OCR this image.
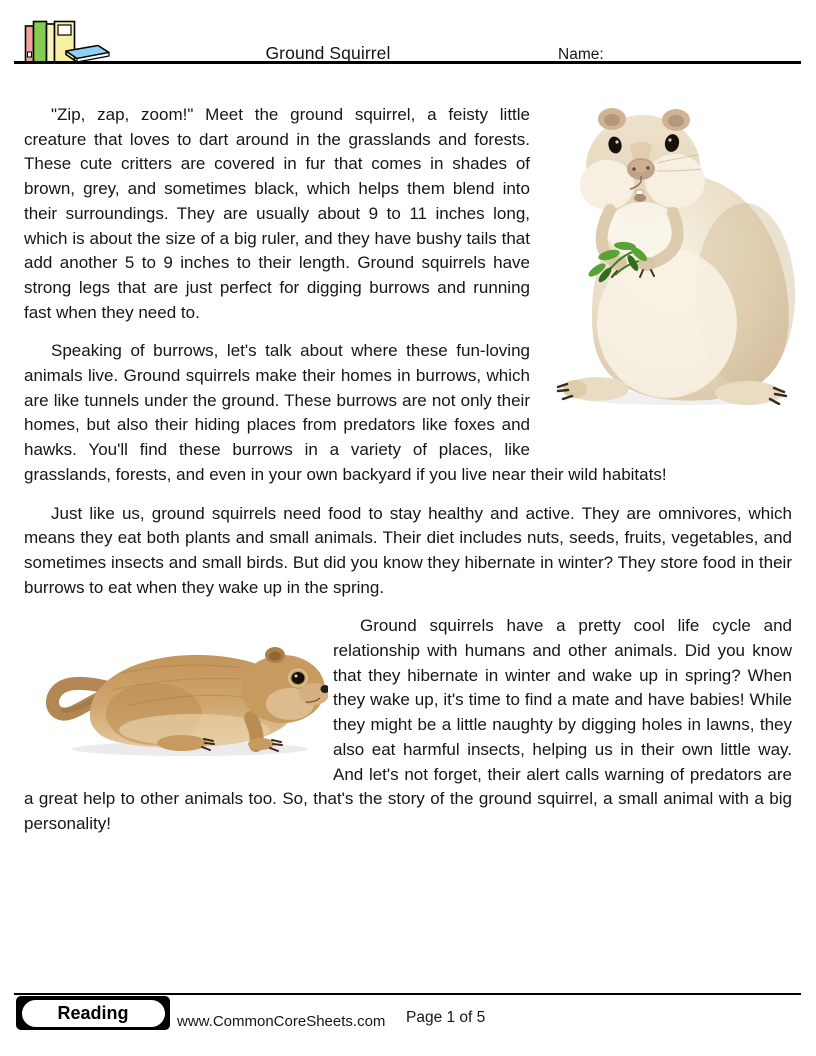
Ground Squirrel	Name:

"Zip, zap, zoom!" Meet the ground squirrel, a feisty little creature that loves to dart around in the grasslands and forests. These cute critters are covered in fur that comes in shades of brown, grey, and sometimes black, which helps them blend into their surroundings. They are usually about 9 to 11 inches long, which is about the size of a big ruler, and they have bushy tails that add another 5 to 9 inches to their length. Ground squirrels have strong legs that are just perfect for digging burrows and running fast when they need to.

Speaking of burrows, let's talk about where these fun-loving animals live. Ground squirrels make their homes in burrows, which are like tunnels under the ground. These burrows are not only their homes, but also their hiding places from predators like foxes and hawks. You'll find these burrows in a variety of places, like grasslands, forests, and even in your own backyard if you live near their wild habitats!

Just like us, ground squirrels need food to stay healthy and active. They are omnivores, which means they eat both plants and small animals. Their diet includes nuts, seeds, fruits, vegetables, and sometimes insects and small birds. But did you know they hibernate in winter? They store food in their burrows to eat when they wake up in the spring.

Ground squirrels have a pretty cool life cycle and relationship with humans and other animals. Did you know that they hibernate in winter and wake up in spring? When they wake up, it's time to find a mate and have babies! While they might be a little naughty by digging holes in lawns, they also eat harmful insects, helping us in their own little way. And let's not forget, their alert calls warning of predators are a great help to other animals too. So, that's the story of the ground squirrel, a small animal with a big personality!

Reading	www.CommonCoreSheets.com Page 1 of 5
